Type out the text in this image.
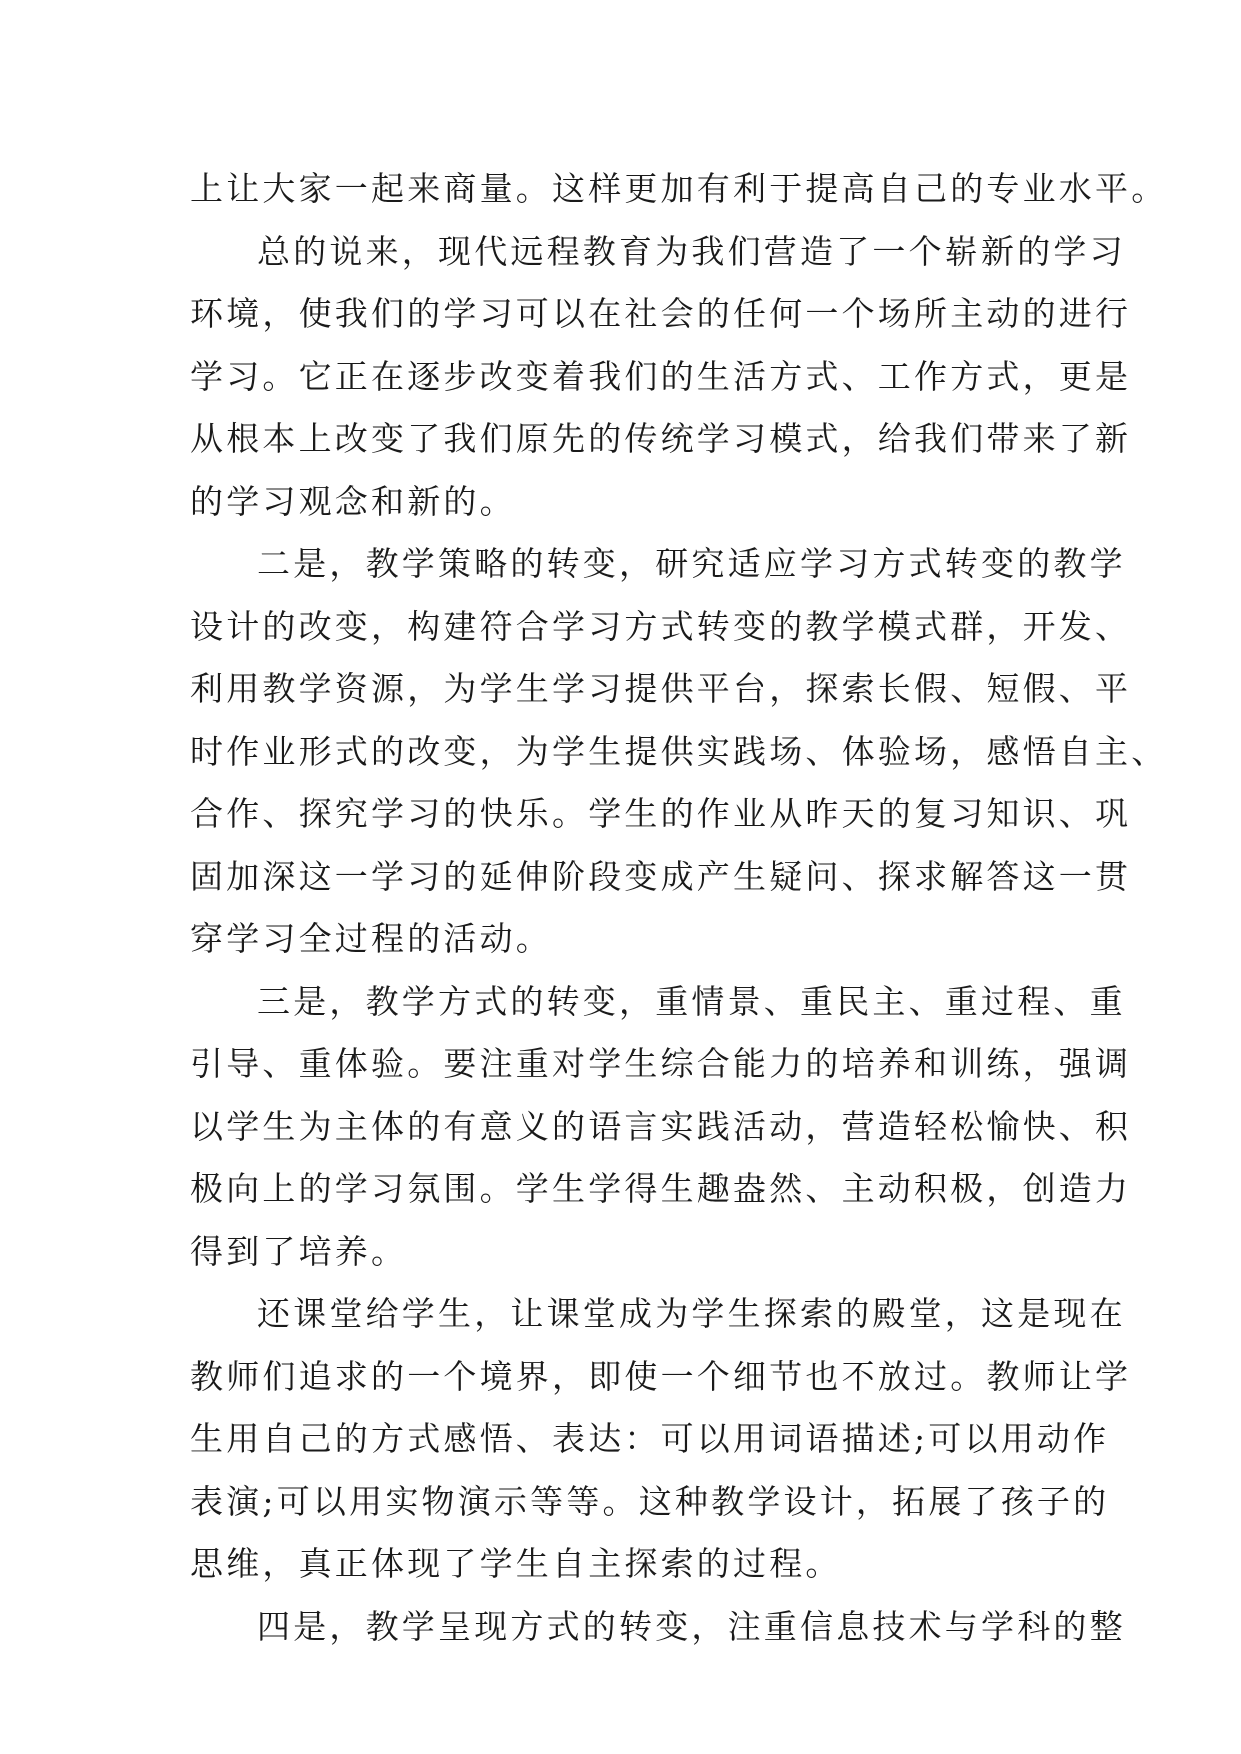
上让大家一起来商量。这样更加有利于提高自己的专业水平。
总的说来，现代远程教育为我们营造了一个崭新的学习
环境，使我们的学习可以在社会的任何一个场所主动的进行
学习。它正在逐步改变着我们的生活方式、工作方式，更是
从根本上改变了我们原先的传统学习模式，给我们带来了新
的学习观念和新的。
二是，教学策略的转变，研究适应学习方式转变的教学
设计的改变，构建符合学习方式转变的教学模式群，开发、
利用教学资源，为学生学习提供平台，探索长假、短假、平
时作业形式的改变，为学生提供实践场、体验场，感悟自主、
合作、探究学习的快乐。学生的作业从昨天的复习知识、巩
固加深这一学习的延伸阶段变成产生疑问、探求解答这一贯
穿学习全过程的活动。
三是，教学方式的转变，重情景、重民主、重过程、重
引导、重体验。要注重对学生综合能力的培养和训练，强调
以学生为主体的有意义的语言实践活动，营造轻松愉快、积
极向上的学习氛围。学生学得生趣盎然、主动积极，创造力
得到了培养。
还课堂给学生，让课堂成为学生探索的殿堂，这是现在
教师们追求的一个境界，即使一个细节也不放过。教师让学
生用自己的方式感悟、表达：可以用词语描述;可以用动作
表演;可以用实物演示等等。这种教学设计，拓展了孩子的
思维，真正体现了学生自主探索的过程。
四是，教学呈现方式的转变，注重信息技术与学科的整
